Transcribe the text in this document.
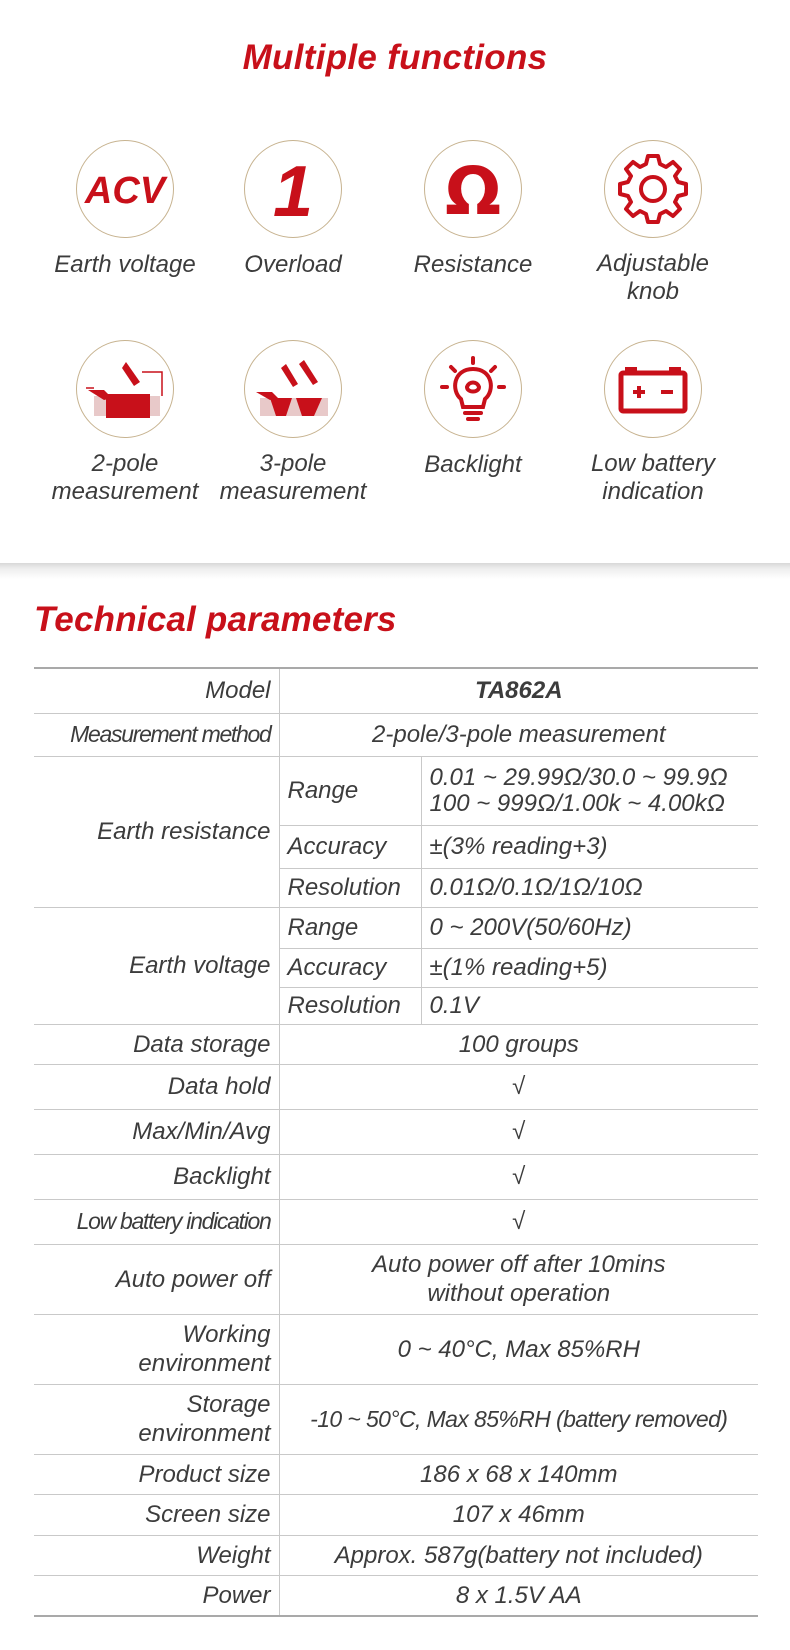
Multiple functions
ACV
Earth voltage
1
Overload
Ω
Resistance	Adjustable
knob
2-pole
measurement
3-pole
measurement
Backlight	Low battery
indication
Technical parameters
Model	TA862A	
Measurement method	2-pole/3-pole measurement	
Earth resistance	Range	0.01 ~ 29.99Ω/30.0 ~ 99.9Ω
100 ~ 999Ω/1.00k ~ 4.00kΩ

	Accuracy	±(3% reading+3)
	Resolution	0.01Ω/0.1Ω/1Ω/10Ω
Earth voltage	Range	0 ~ 200V(50/60Hz)
	Accuracy	±(1% reading+5)
	Resolution	0.1V
Data storage	100 groups	
Data hold	√	
Max/Min/Avg	√	
Backlight	√	
Low battery indication	√	
Auto power off	Auto power off after 10mins
without operation	
Working
environment	0 ~ 40°C, Max 85%RH	
Storage
environment	-10 ~ 50°C, Max 85%RH (battery removed)	
Product size	186 x 68 x 140mm	
Screen size	107 x 46mm	
Weight	Approx. 587g(battery not included)	
Power	8 x 1.5V AA	
